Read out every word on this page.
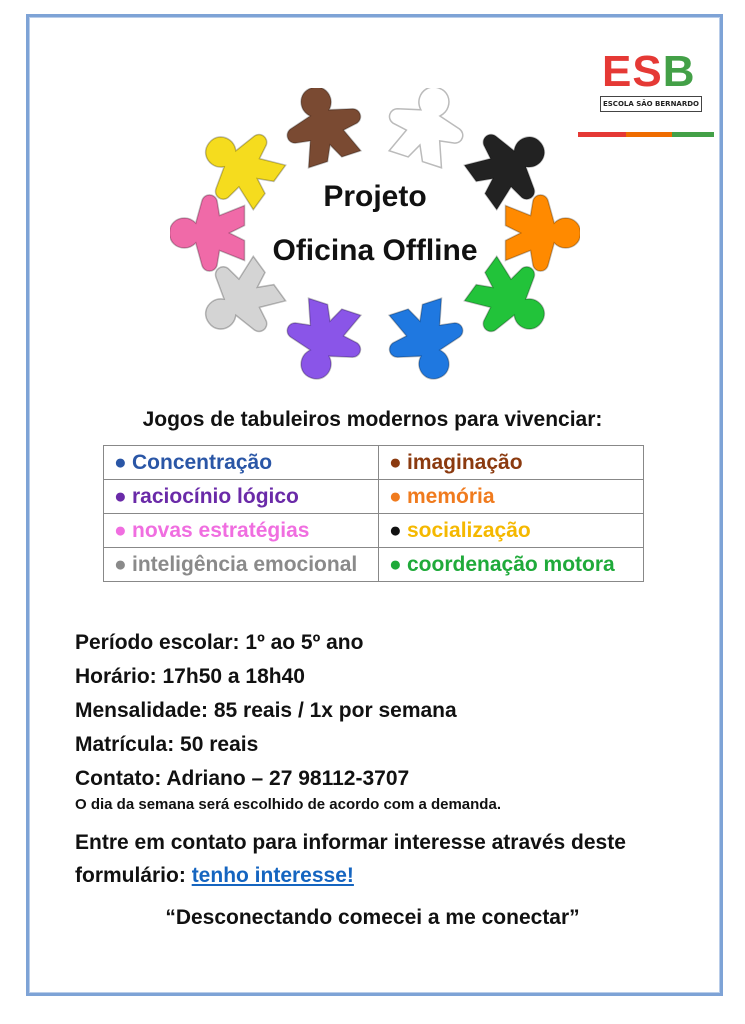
ESB
ESCOLA SÃO BERNARDO
Projeto
Oficina Offline
Jogos de tabuleiros modernos para vivenciar:
● Concentração	● imaginação

● raciocínio lógico	● memória

● novas estratégias	● socialização

● inteligência emocional	● coordenação motora
Período escolar: 1º ao 5º ano
Horário: 17h50 a 18h40
Mensalidade: 85 reais / 1x por semana
Matrícula: 50 reais
Contato: Adriano – 27 98112-3707
O dia da semana será escolhido de acordo com a demanda.
Entre em contato para informar interesse através deste formulário: tenho interesse!
“Desconectando comecei a me conectar”
